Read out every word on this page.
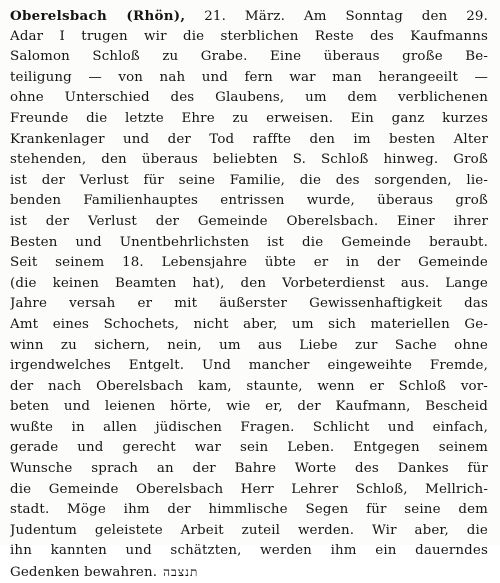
Oberelsbach (Rhön), 21. März. Am Sonntag den 29.
Adar I trugen wir die sterblichen Reste des Kaufmanns
Salomon Schloß zu Grabe. Eine überaus große Be-
teiligung — von nah und fern war man herangeeilt —
ohne Unterschied des Glaubens, um dem verblichenen
Freunde die letzte Ehre zu erweisen. Ein ganz kurzes
Krankenlager und der Tod raffte den im besten Alter
stehenden, den überaus beliebten S. Schloß hinweg. Groß
ist der Verlust für seine Familie, die des sorgenden, lie-
benden Familienhauptes entrissen wurde, überaus groß
ist der Verlust der Gemeinde Oberelsbach. Einer ihrer
Besten und Unentbehrlichsten ist die Gemeinde beraubt.
Seit seinem 18. Lebensjahre übte er in der Gemeinde
(die keinen Beamten hat), den Vorbeterdienst aus. Lange
Jahre versah er mit äußerster Gewissenhaftigkeit das
Amt eines Schochets, nicht aber, um sich materiellen Ge-
winn zu sichern, nein, um aus Liebe zur Sache ohne
irgendwelches Entgelt. Und mancher eingeweihte Fremde,
der nach Oberelsbach kam, staunte, wenn er Schloß vor-
beten und leienen hörte, wie er, der Kaufmann, Bescheid
wußte in allen jüdischen Fragen. Schlicht und einfach,
gerade und gerecht war sein Leben. Entgegen seinem
Wunsche sprach an der Bahre Worte des Dankes für
die Gemeinde Oberelsbach Herr Lehrer Schloß, Mellrich-
stadt. Möge ihm der himmlische Segen für seine dem
Judentum geleistete Arbeit zuteil werden. Wir aber, die
ihn kannten und schätzten, werden ihm ein dauerndes
Gedenken bewahren. תנצבה
